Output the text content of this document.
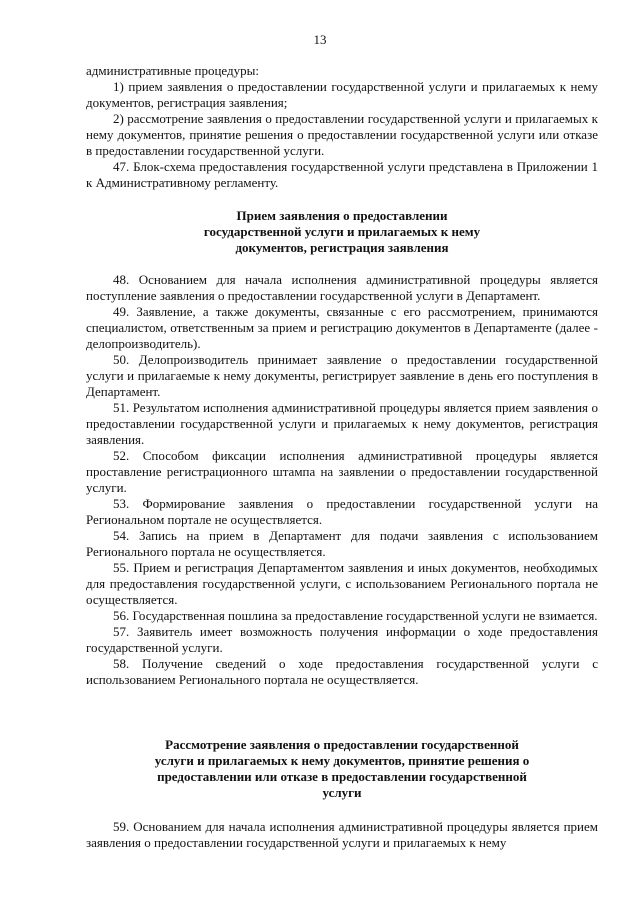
13

административные процедуры:

1) прием заявления о предоставлении государственной услуги и прилагаемых к нему документов, регистрация заявления;

2) рассмотрение заявления о предоставлении государственной услуги и прилагаемых к нему документов, принятие решения о предоставлении государственной услуги или отказе в предоставлении государственной услуги.

47. Блок-схема предоставления государственной услуги представлена в Приложении 1 к Административному регламенту.

Прием заявления о предоставлении
государственной услуги и прилагаемых к нему
документов, регистрация заявления

48. Основанием для начала исполнения административной процедуры является поступление заявления о предоставлении государственной услуги в Департамент.

49. Заявление, а также документы, связанные с его рассмотрением, принимаются специалистом, ответственным за прием и регистрацию документов в Департаменте (далее - делопроизводитель).

50. Делопроизводитель принимает заявление о предоставлении государственной услуги и прилагаемые к нему документы, регистрирует заявление в день его поступления в Департамент.

51. Результатом исполнения административной процедуры является прием заявления о предоставлении государственной услуги и прилагаемых к нему документов, регистрация заявления.

52. Способом фиксации исполнения административной процедуры является проставление регистрационного штампа на заявлении о предоставлении государственной услуги.

53. Формирование заявления о предоставлении государственной услуги на Региональном портале не осуществляется.

54. Запись на прием в Департамент для подачи заявления с использованием Регионального портала не осуществляется.

55. Прием и регистрация Департаментом заявления и иных документов, необходимых для предоставления государственной услуги, с использованием Регионального портала не осуществляется.

56. Государственная пошлина за предоставление государственной услуги не взимается.

57. Заявитель имеет возможность получения информации о ходе предоставления государственной услуги.

58. Получение сведений о ходе предоставления государственной услуги с использованием Регионального портала не осуществляется.

Рассмотрение заявления о предоставлении государственной
услуги и прилагаемых к нему документов, принятие решения о
предоставлении или отказе в предоставлении государственной
услуги

59. Основанием для начала исполнения административной процедуры является прием заявления о предоставлении государственной услуги и прилагаемых к нему
